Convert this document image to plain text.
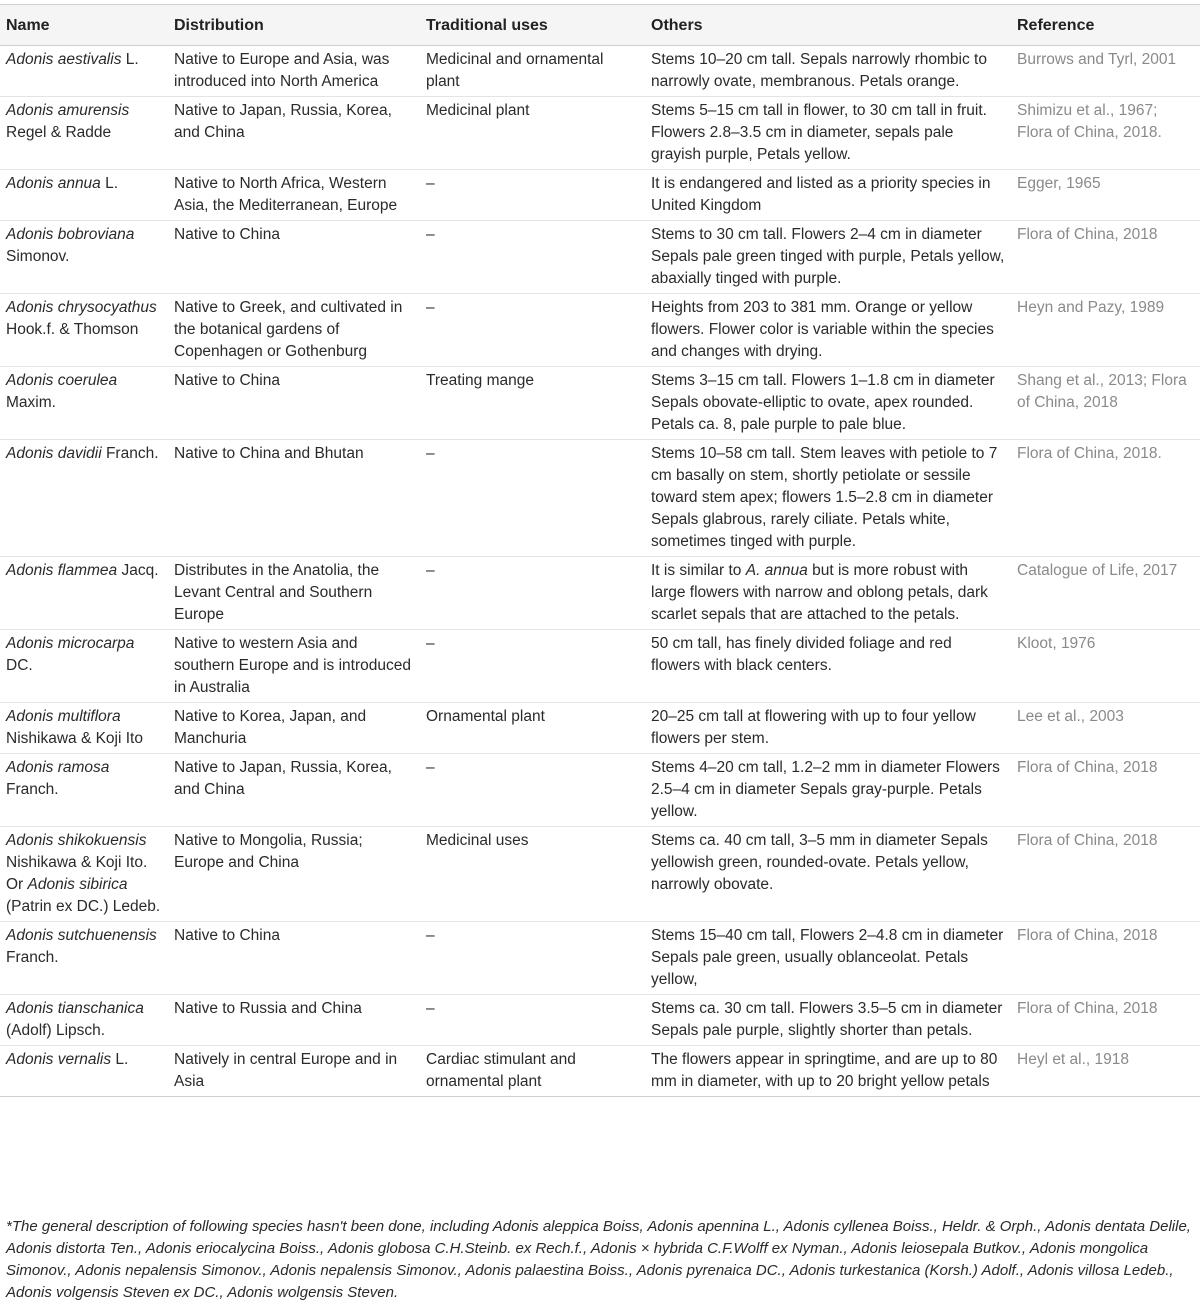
Name	Distribution	Traditional uses	Others	Reference
Adonis aestivalis L.	Native to Europe and Asia, was introduced into North America	Medicinal and ornamental plant	Stems 10–20 cm tall. Sepals narrowly rhombic to narrowly ovate, membranous. Petals orange.	Burrows and Tyrl, 2001
Adonis amurensis Regel & Radde	Native to Japan, Russia, Korea, and China	Medicinal plant	Stems 5–15 cm tall in flower, to 30 cm tall in fruit. Flowers 2.8–3.5 cm in diameter, sepals pale grayish purple, Petals yellow.	Shimizu et al., 1967; Flora of China, 2018.
Adonis annua L.	Native to North Africa, Western Asia, the Mediterranean, Europe	–	It is endangered and listed as a priority species in United Kingdom	Egger, 1965
Adonis bobroviana Simonov.	Native to China	–	Stems to 30 cm tall. Flowers 2–4 cm in diameter Sepals pale green tinged with purple, Petals yellow, abaxially tinged with purple.	Flora of China, 2018
Adonis chrysocyathus Hook.f. & Thomson	Native to Greek, and cultivated in the botanical gardens of Copenhagen or Gothenburg	–	Heights from 203 to 381 mm. Orange or yellow flowers. Flower color is variable within the species and changes with drying.	Heyn and Pazy, 1989
Adonis coerulea Maxim.	Native to China	Treating mange	Stems 3–15 cm tall. Flowers 1–1.8 cm in diameter Sepals obovate-elliptic to ovate, apex rounded. Petals ca. 8, pale purple to pale blue.	Shang et al., 2013; Flora of China, 2018
Adonis davidii Franch.	Native to China and Bhutan	–	Stems 10–58 cm tall. Stem leaves with petiole to 7 cm basally on stem, shortly petiolate or sessile toward stem apex; flowers 1.5–2.8 cm in diameter Sepals glabrous, rarely ciliate. Petals white, sometimes tinged with purple.	Flora of China, 2018.
Adonis flammea Jacq.	Distributes in the Anatolia, the Levant Central and Southern Europe	–	It is similar to A. annua but is more robust with large flowers with narrow and oblong petals, dark scarlet sepals that are attached to the petals.	Catalogue of Life, 2017
Adonis microcarpa DC.	Native to western Asia and southern Europe and is introduced in Australia	–	50 cm tall, has finely divided foliage and red flowers with black centers.	Kloot, 1976
Adonis multiflora Nishikawa & Koji Ito	Native to Korea, Japan, and Manchuria	Ornamental plant	20–25 cm tall at flowering with up to four yellow flowers per stem.	Lee et al., 2003
Adonis ramosa Franch.	Native to Japan, Russia, Korea, and China	–	Stems 4–20 cm tall, 1.2–2 mm in diameter Flowers 2.5–4 cm in diameter Sepals gray-purple. Petals yellow.	Flora of China, 2018
Adonis shikokuensis Nishikawa & Koji Ito. Or Adonis sibirica (Patrin ex DC.) Ledeb.	Native to Mongolia, Russia; Europe and China	Medicinal uses	Stems ca. 40 cm tall, 3–5 mm in diameter Sepals yellowish green, rounded-ovate. Petals yellow, narrowly obovate.	Flora of China, 2018
Adonis sutchuenensis Franch.	Native to China	–	Stems 15–40 cm tall, Flowers 2–4.8 cm in diameter Sepals pale green, usually oblanceolat. Petals yellow,	Flora of China, 2018
Adonis tianschanica (Adolf) Lipsch.	Native to Russia and China	–	Stems ca. 30 cm tall. Flowers 3.5–5 cm in diameter Sepals pale purple, slightly shorter than petals.	Flora of China, 2018
Adonis vernalis L.	Natively in central Europe and in Asia	Cardiac stimulant and ornamental plant	The flowers appear in springtime, and are up to 80 mm in diameter, with up to 20 bright yellow petals	Heyl et al., 1918
*The general description of following species hasn't been done, including Adonis aleppica Boiss, Adonis apennina L., Adonis cyllenea Boiss., Heldr. & Orph., Adonis dentata Delile, Adonis distorta Ten., Adonis eriocalycina Boiss., Adonis globosa C.H.Steinb. ex Rech.f., Adonis × hybrida C.F.Wolff ex Nyman., Adonis leiosepala Butkov., Adonis mongolica Simonov., Adonis nepalensis Simonov., Adonis nepalensis Simonov., Adonis palaestina Boiss., Adonis pyrenaica DC., Adonis turkestanica (Korsh.) Adolf., Adonis villosa Ledeb., Adonis volgensis Steven ex DC., Adonis wolgensis Steven.
